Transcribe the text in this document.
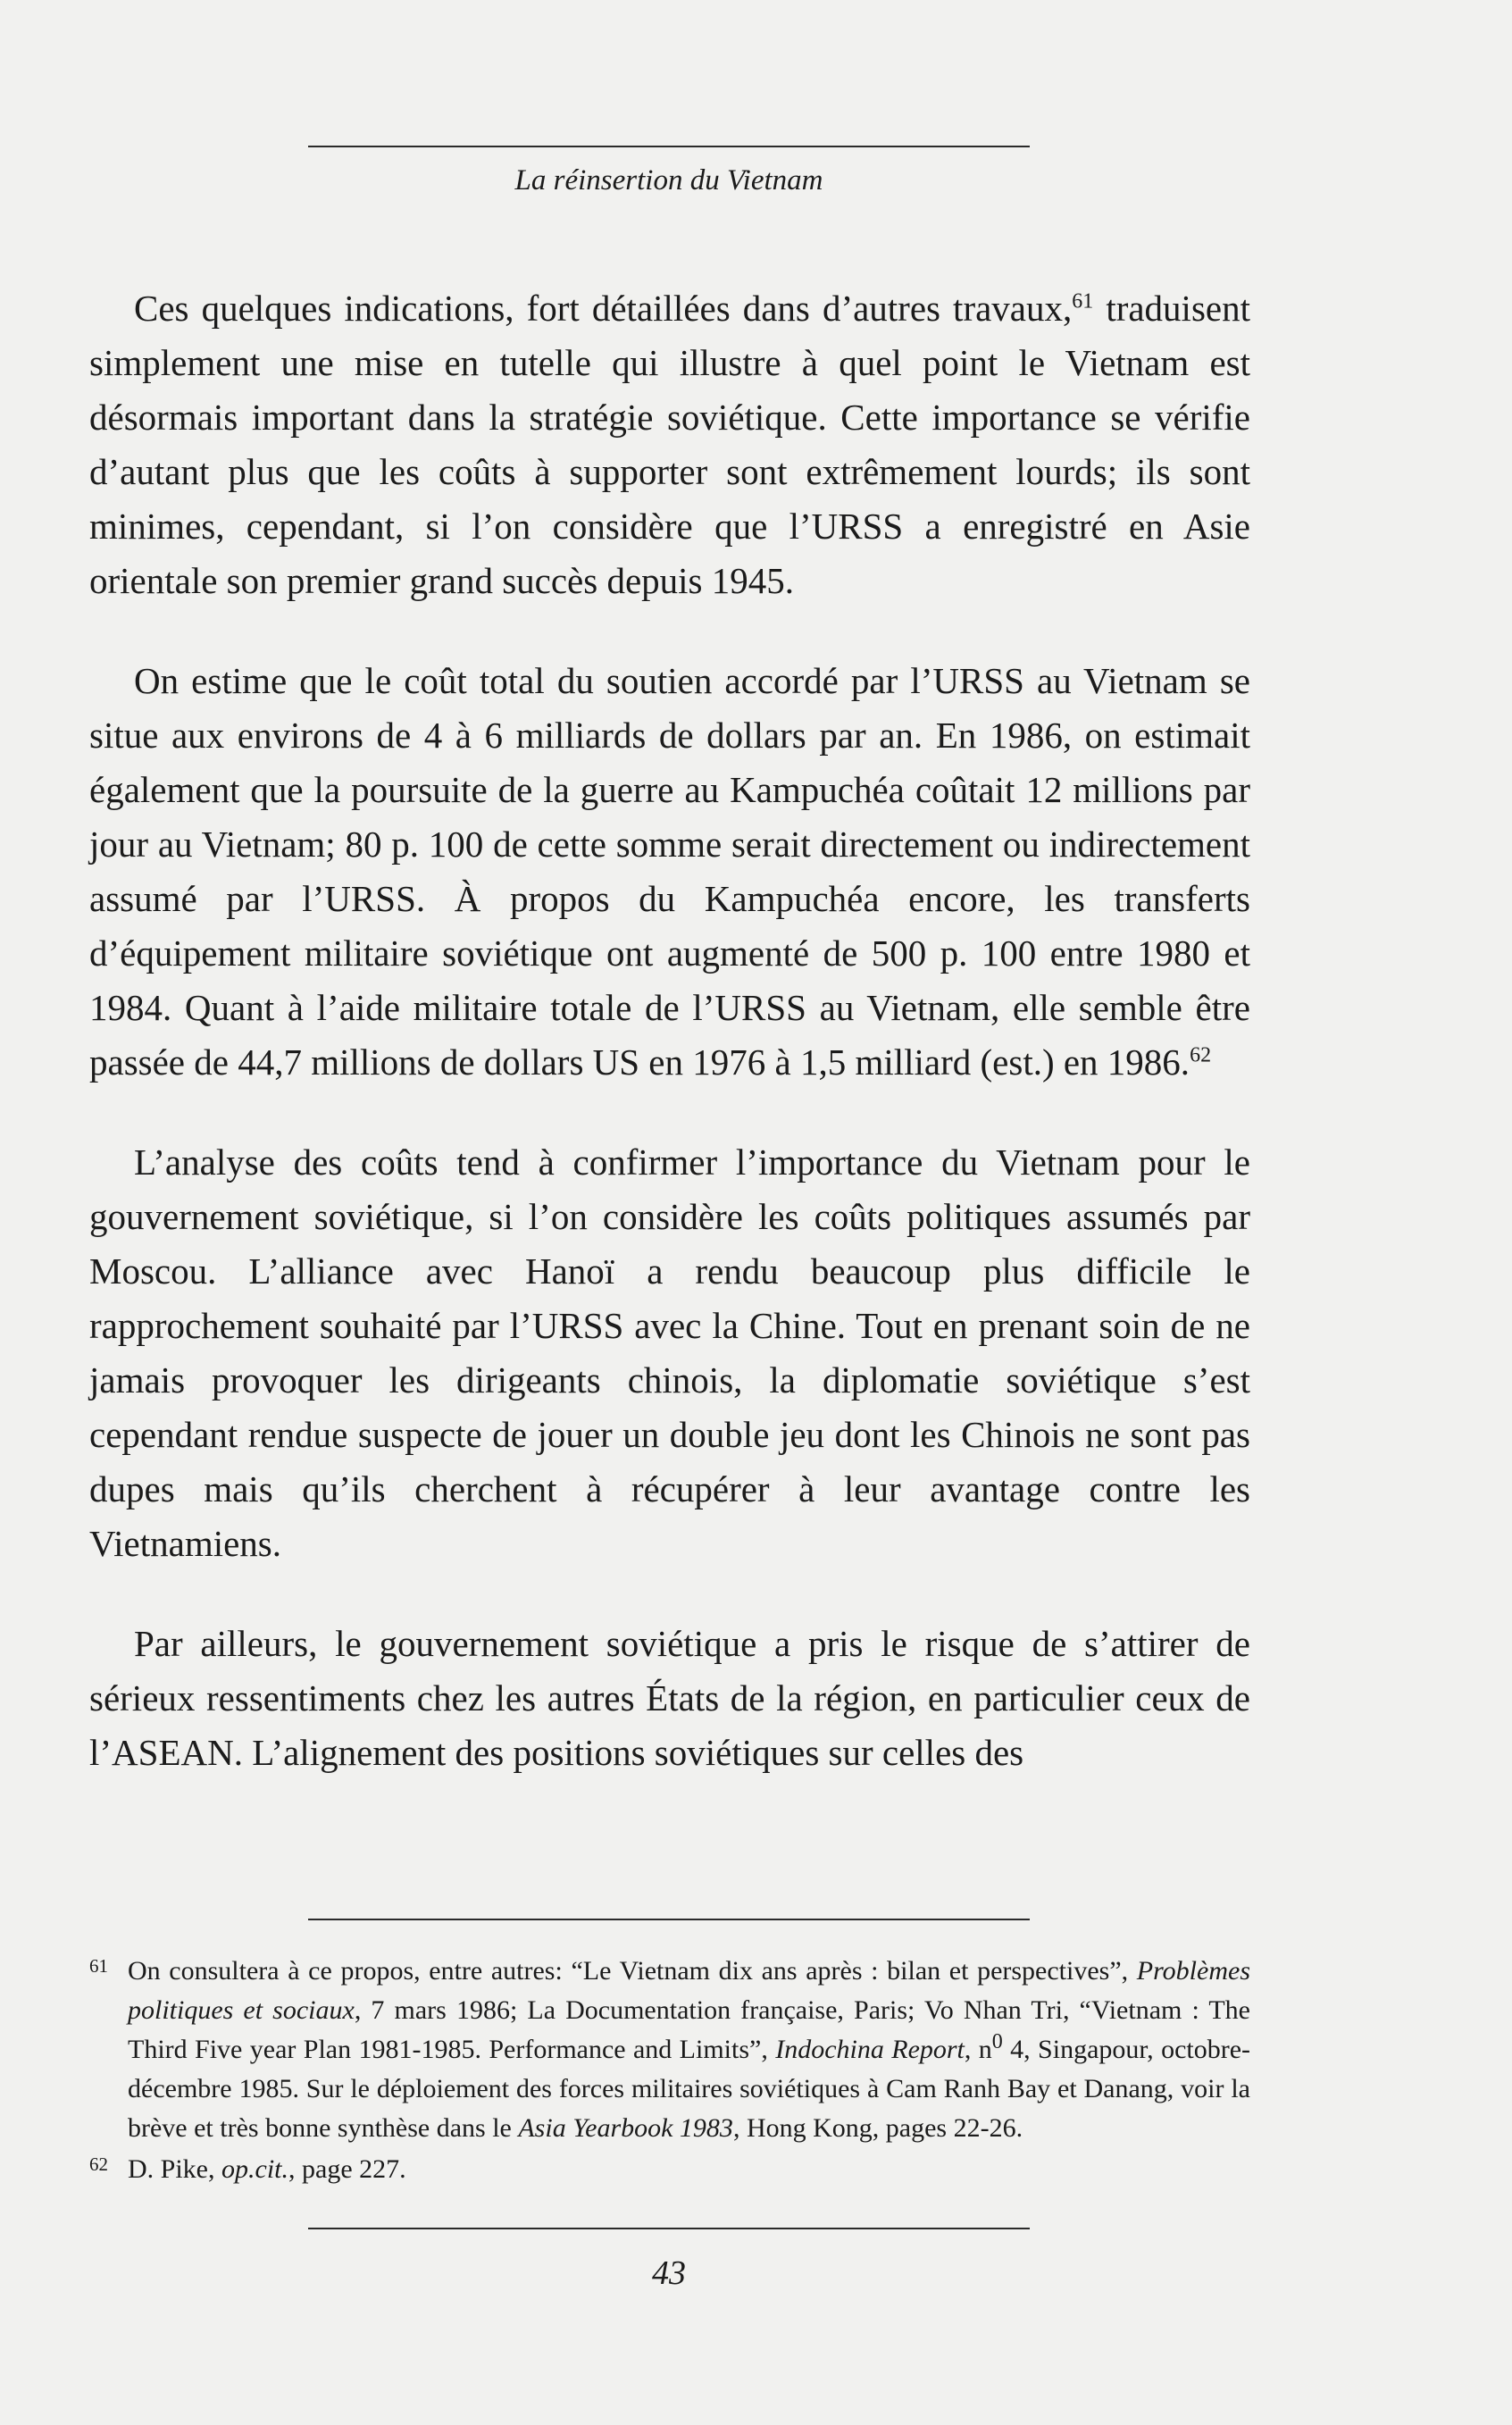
La réinsertion du Vietnam

Ces quelques indications, fort détaillées dans d’autres travaux,$^{61}$ traduisent simplement une mise en tutelle qui illustre à quel point le Vietnam est désormais important dans la stratégie soviétique. Cette importance se vérifie d’autant plus que les coûts à supporter sont extrêmement lourds; ils sont minimes, cependant, si l’on considère que l’URSS a enregistré en Asie orientale son premier grand succès depuis 1945.

On estime que le coût total du soutien accordé par l’URSS au Vietnam se situe aux environs de 4 à 6 milliards de dollars par an. En 1986, on estimait également que la poursuite de la guerre au Kampuchéa coûtait 12 millions par jour au Vietnam; 80 p. 100 de cette somme serait directement ou indirectement assumé par l’URSS. À propos du Kampuchéa encore, les transferts d’équipement militaire soviétique ont augmenté de 500 p. 100 entre 1980 et 1984. Quant à l’aide militaire totale de l’URSS au Vietnam, elle semble être passée de 44,7 millions de dollars US en 1976 à 1,5 milliard (est.) en 1986.62

L’analyse des coûts tend à confirmer l’importance du Vietnam pour le gouvernement soviétique, si l’on considère les coûts politiques assumés par Moscou. L’alliance avec Hanoï a rendu beaucoup plus difficile le rapprochement souhaité par l’URSS avec la Chine. Tout en prenant soin de ne jamais provoquer les dirigeants chinois, la diplomatie soviétique s’est cependant rendue suspecte de jouer un double jeu dont les Chinois ne sont pas dupes mais qu’ils cherchent à récupérer à leur avantage contre les Vietnamiens.

Par ailleurs, le gouvernement soviétique a pris le risque de s’attirer de sérieux ressentiments chez les autres États de la région, en particulier ceux de l’ASEAN. L’alignement des positions soviétiques sur celles des

61 On consultera à ce propos, entre autres: “Le Vietnam dix ans après : bilan et perspectives”, Problèmes politiques et sociaux, 7 mars 1986; La Documentation française, Paris; Vo Nhan Tri, “Vietnam : The Third Five year Plan 1981-1985. Performance and Limits”, Indochina Report, $n^0$ 4, Singapour, octobre-décembre 1985. Sur le déploiement des forces militaires soviétiques à Cam Ranh Bay et Danang, voir la brève et très bonne synthèse dans le Asia Yearbook 1983, Hong Kong, pages 22-26.
62 D. Pike, op.cit., page 227.
43
